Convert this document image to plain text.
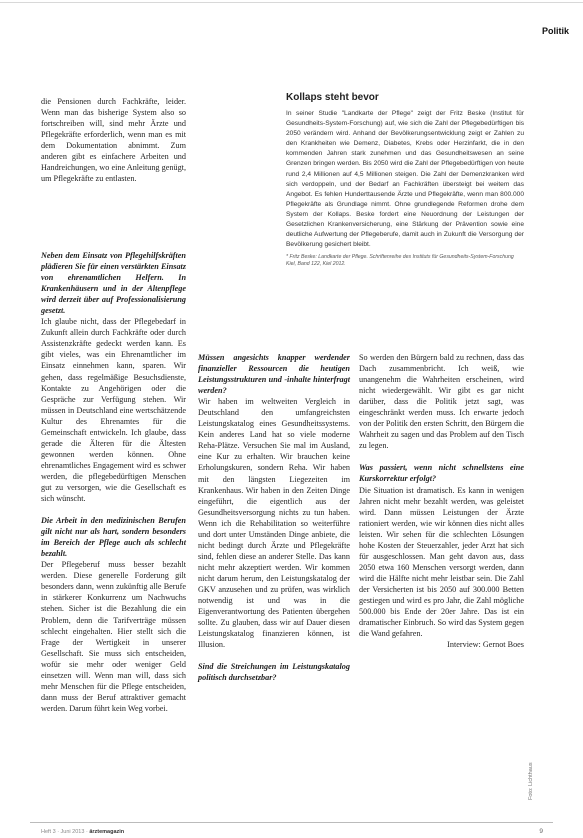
Politik

die Pensionen durch Fachkräfte, leider. Wenn man das bisherige System also so fortschreiben will, sind mehr Ärzte und Pflegekräfte erforderlich, wenn man es mit dem Dokumentation abnimmt. Zum anderen gibt es einfachere Arbeiten und Handreichungen, wo eine Anleitung genügt, um Pflegekräfte zu entlasten.

Neben dem Einsatz von Pflegehilfskräften plädieren Sie für einen verstärkten Einsatz von ehrenamtlichen Helfern. In Krankenhäusern und in der Altenpflege wird derzeit über auf Professionalisierung gesetzt.

Ich glaube nicht, dass der Pflegebedarf in Zukunft allein durch Fachkräfte oder durch Assistenzkräfte gedeckt werden kann. Es gibt vieles, was ein Ehrenamtlicher im Einsatz einnehmen kann, sparen. Wir gehen, dass regelmäßige Besuchsdienste, Kontakte zu Angehörigen oder die Gespräche zur Verfügung stehen. Wir müssen in Deutschland eine wertschätzende Kultur des Ehrenamtes für die Gemeinschaft entwickeln. Ich glaube, dass gerade die Älteren für die Ältesten gewonnen werden können. Ohne ehrenamtliches Engagement wird es schwer werden, die pflegebedürftigen Menschen gut zu versorgen, wie die Gesellschaft es sich wünscht.

Die Arbeit in den medizinischen Berufen gilt nicht nur als hart, sondern besonders im Bereich der Pflege auch als schlecht bezahlt.

Der Pflegeberuf muss besser bezahlt werden. Diese generelle Forderung gilt besonders dann, wenn zukünftig alle Berufe in stärkerer Konkurrenz um Nachwuchs stehen. Sicher ist die Bezahlung die ein Problem, denn die Tarifverträge müssen schlecht eingehalten. Hier stellt sich die Frage der Wertigkeit in unserer Gesellschaft. Sie muss sich entscheiden, wofür sie mehr oder weniger Geld einsetzen will. Wenn man will, dass sich mehr Menschen für die Pflege entscheiden, dann muss der Beruf attraktiver gemacht werden. Darum führt kein Weg vorbei.

Kollaps steht bevor

In seiner Studie "Landkarte der Pflege" zeigt der Fritz Beske (Institut für Gesundheits-System-Forschung) auf, wie sich die Zahl der Pflegebedürftigen bis 2050 verändern wird. Anhand der Bevölkerungsentwicklung zeigt er Zahlen zu den Krankheiten wie Demenz, Diabetes, Krebs oder Herzinfarkt, die in den kommenden Jahren stark zunehmen und das Gesundheitswesen an seine Grenzen bringen werden. Bis 2050 wird die Zahl der Pflegebedürftigen von heute rund 2,4 Millionen auf 4,5 Millionen steigen. Die Zahl der Demenzkranken wird sich verdoppeln, und der Bedarf an Fachkräften übersteigt bei weitem das Angebot. Es fehlen Hunderttausende Ärzte und Pflegekräfte, wenn man 800.000 Pflegekräfte als Grundlage nimmt. Ohne grundlegende Reformen drohe dem System der Kollaps. Beske fordert eine Neuordnung der Leistungen der Gesetzlichen Krankenversicherung, eine Stärkung der Prävention sowie eine deutliche Aufwertung der Pflegeberufe, damit auch in Zukunft die Versorgung der Bevölkerung gesichert bleibt.

* Fritz Beske: Landkarte der Pflege. Schriftenreihe des Instituts für Gesundheits-System-Forschung Kiel, Band 122, Kiel 2012.

Müssen angesichts knapper werdender finanzieller Ressourcen die heutigen Leistungsstrukturen und -inhalte hinterfragt werden?

Wir haben im weltweiten Vergleich in Deutschland den umfangreichsten Leistungskatalog eines Gesundheitssystems. Kein anderes Land hat so viele moderne Reha-Plätze. Versuchen Sie mal im Ausland, eine Kur zu erhalten. Wir brauchen keine Erholungskuren, sondern Reha. Wir haben mit den längsten Liegezeiten im Krankenhaus. Wir haben in den Zeiten Dinge eingeführt, die eigentlich aus der Gesundheitsversorgung nichts zu tun haben. Wenn ich die Rehabilitation so weiterführe und dort unter Umständen Dinge anbiete, die nicht bedingt durch Ärzte und Pflegekräfte sind, fehlen diese an anderer Stelle. Das kann nicht mehr akzeptiert werden. Wir kommen nicht darum herum, den Leistungskatalog der GKV anzusehen und zu prüfen, was wirklich notwendig ist und was in die Eigenverantwortung des Patienten übergehen sollte. Zu glauben, dass wir auf Dauer diesen Leistungskatalog finanzieren können, ist Illusion.

Sind die Streichungen im Leistungskatalog politisch durchsetzbar?

So werden den Bürgern bald zu rechnen, dass das Dach zusammenbricht. Ich weiß, wie unangenehm die Wahrheiten erscheinen, wird nicht wiedergewählt. Wir gibt es gar nicht darüber, dass die Politik jetzt sagt, was eingeschränkt werden muss. Ich erwarte jedoch von der Politik den ersten Schritt, den Bürgern die Wahrheit zu sagen und das Problem auf den Tisch zu legen.

Was passiert, wenn nicht schnellstens eine Kurskorrektur erfolgt?

Die Situation ist dramatisch. Es kann in wenigen Jahren nicht mehr bezahlt werden, was geleistet wird. Dann müssen Leistungen der Ärzte rationiert werden, wie wir können dies nicht alles leisten. Wir sehen für die schlechten Lösungen hohe Kosten der Steuerzahler, jeder Arzt hat sich für ausgeschlossen. Man geht davon aus, dass 2050 etwa 160 Menschen versorgt werden, dann wird die Hälfte nicht mehr leistbar sein. Die Zahl der Versicherten ist bis 2050 auf 300.000 Betten gestiegen und wird es pro Jahr, die Zahl mögliche 500.000 bis Ende der 20er Jahre. Das ist ein dramatischer Einbruch. So wird das System gegen die Wand gefahren.

Interview: Gernot Boes

Foto: Lichthaus
Heft 3 · Juni 2013 · ärztemagazin	9
